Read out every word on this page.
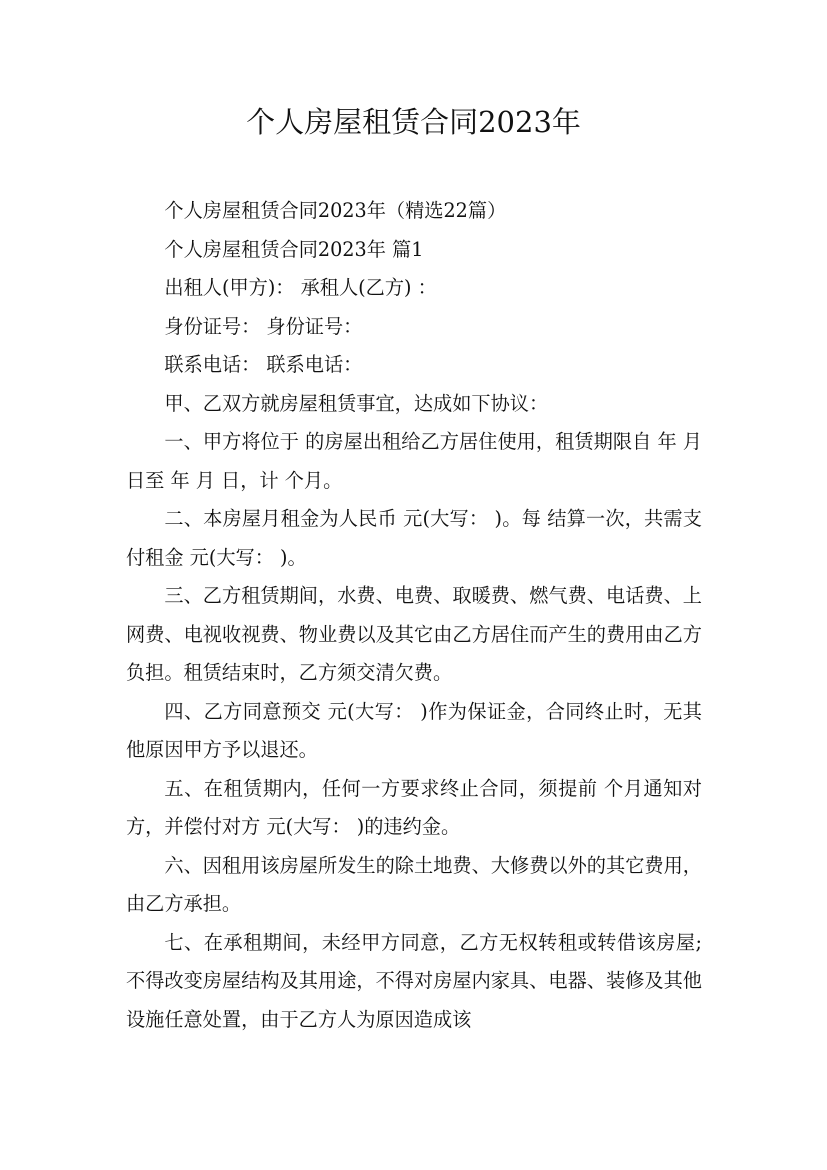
个人房屋租赁合同2023年

个人房屋租赁合同2023年（精选22篇）

个人房屋租赁合同2023年 篇1

出租人(甲方)： 承租人(乙方) ：

身份证号： 身份证号：

联系电话： 联系电话：

甲、乙双方就房屋租赁事宜，达成如下协议：

一、甲方将位于 的房屋出租给乙方居住使用，租赁期限自 年 月 日至 年 月 日，计 个月。

二、本房屋月租金为人民币 元(大写： )。每 结算一次，共需支付租金 元(大写： )。

三、乙方租赁期间，水费、电费、取暖费、燃气费、电话费、上网费、电视收视费、物业费以及其它由乙方居住而产生的费用由乙方负担。租赁结束时，乙方须交清欠费。

四、乙方同意预交 元(大写： )作为保证金，合同终止时，无其他原因甲方予以退还。

五、在租赁期内，任何一方要求终止合同，须提前 个月通知对方，并偿付对方 元(大写： )的违约金。

六、因租用该房屋所发生的除土地费、大修费以外的其它费用，由乙方承担。

七、在承租期间，未经甲方同意，乙方无权转租或转借该房屋;不得改变房屋结构及其用途，不得对房屋内家具、电器、装修及其他设施任意处置，由于乙方人为原因造成该
